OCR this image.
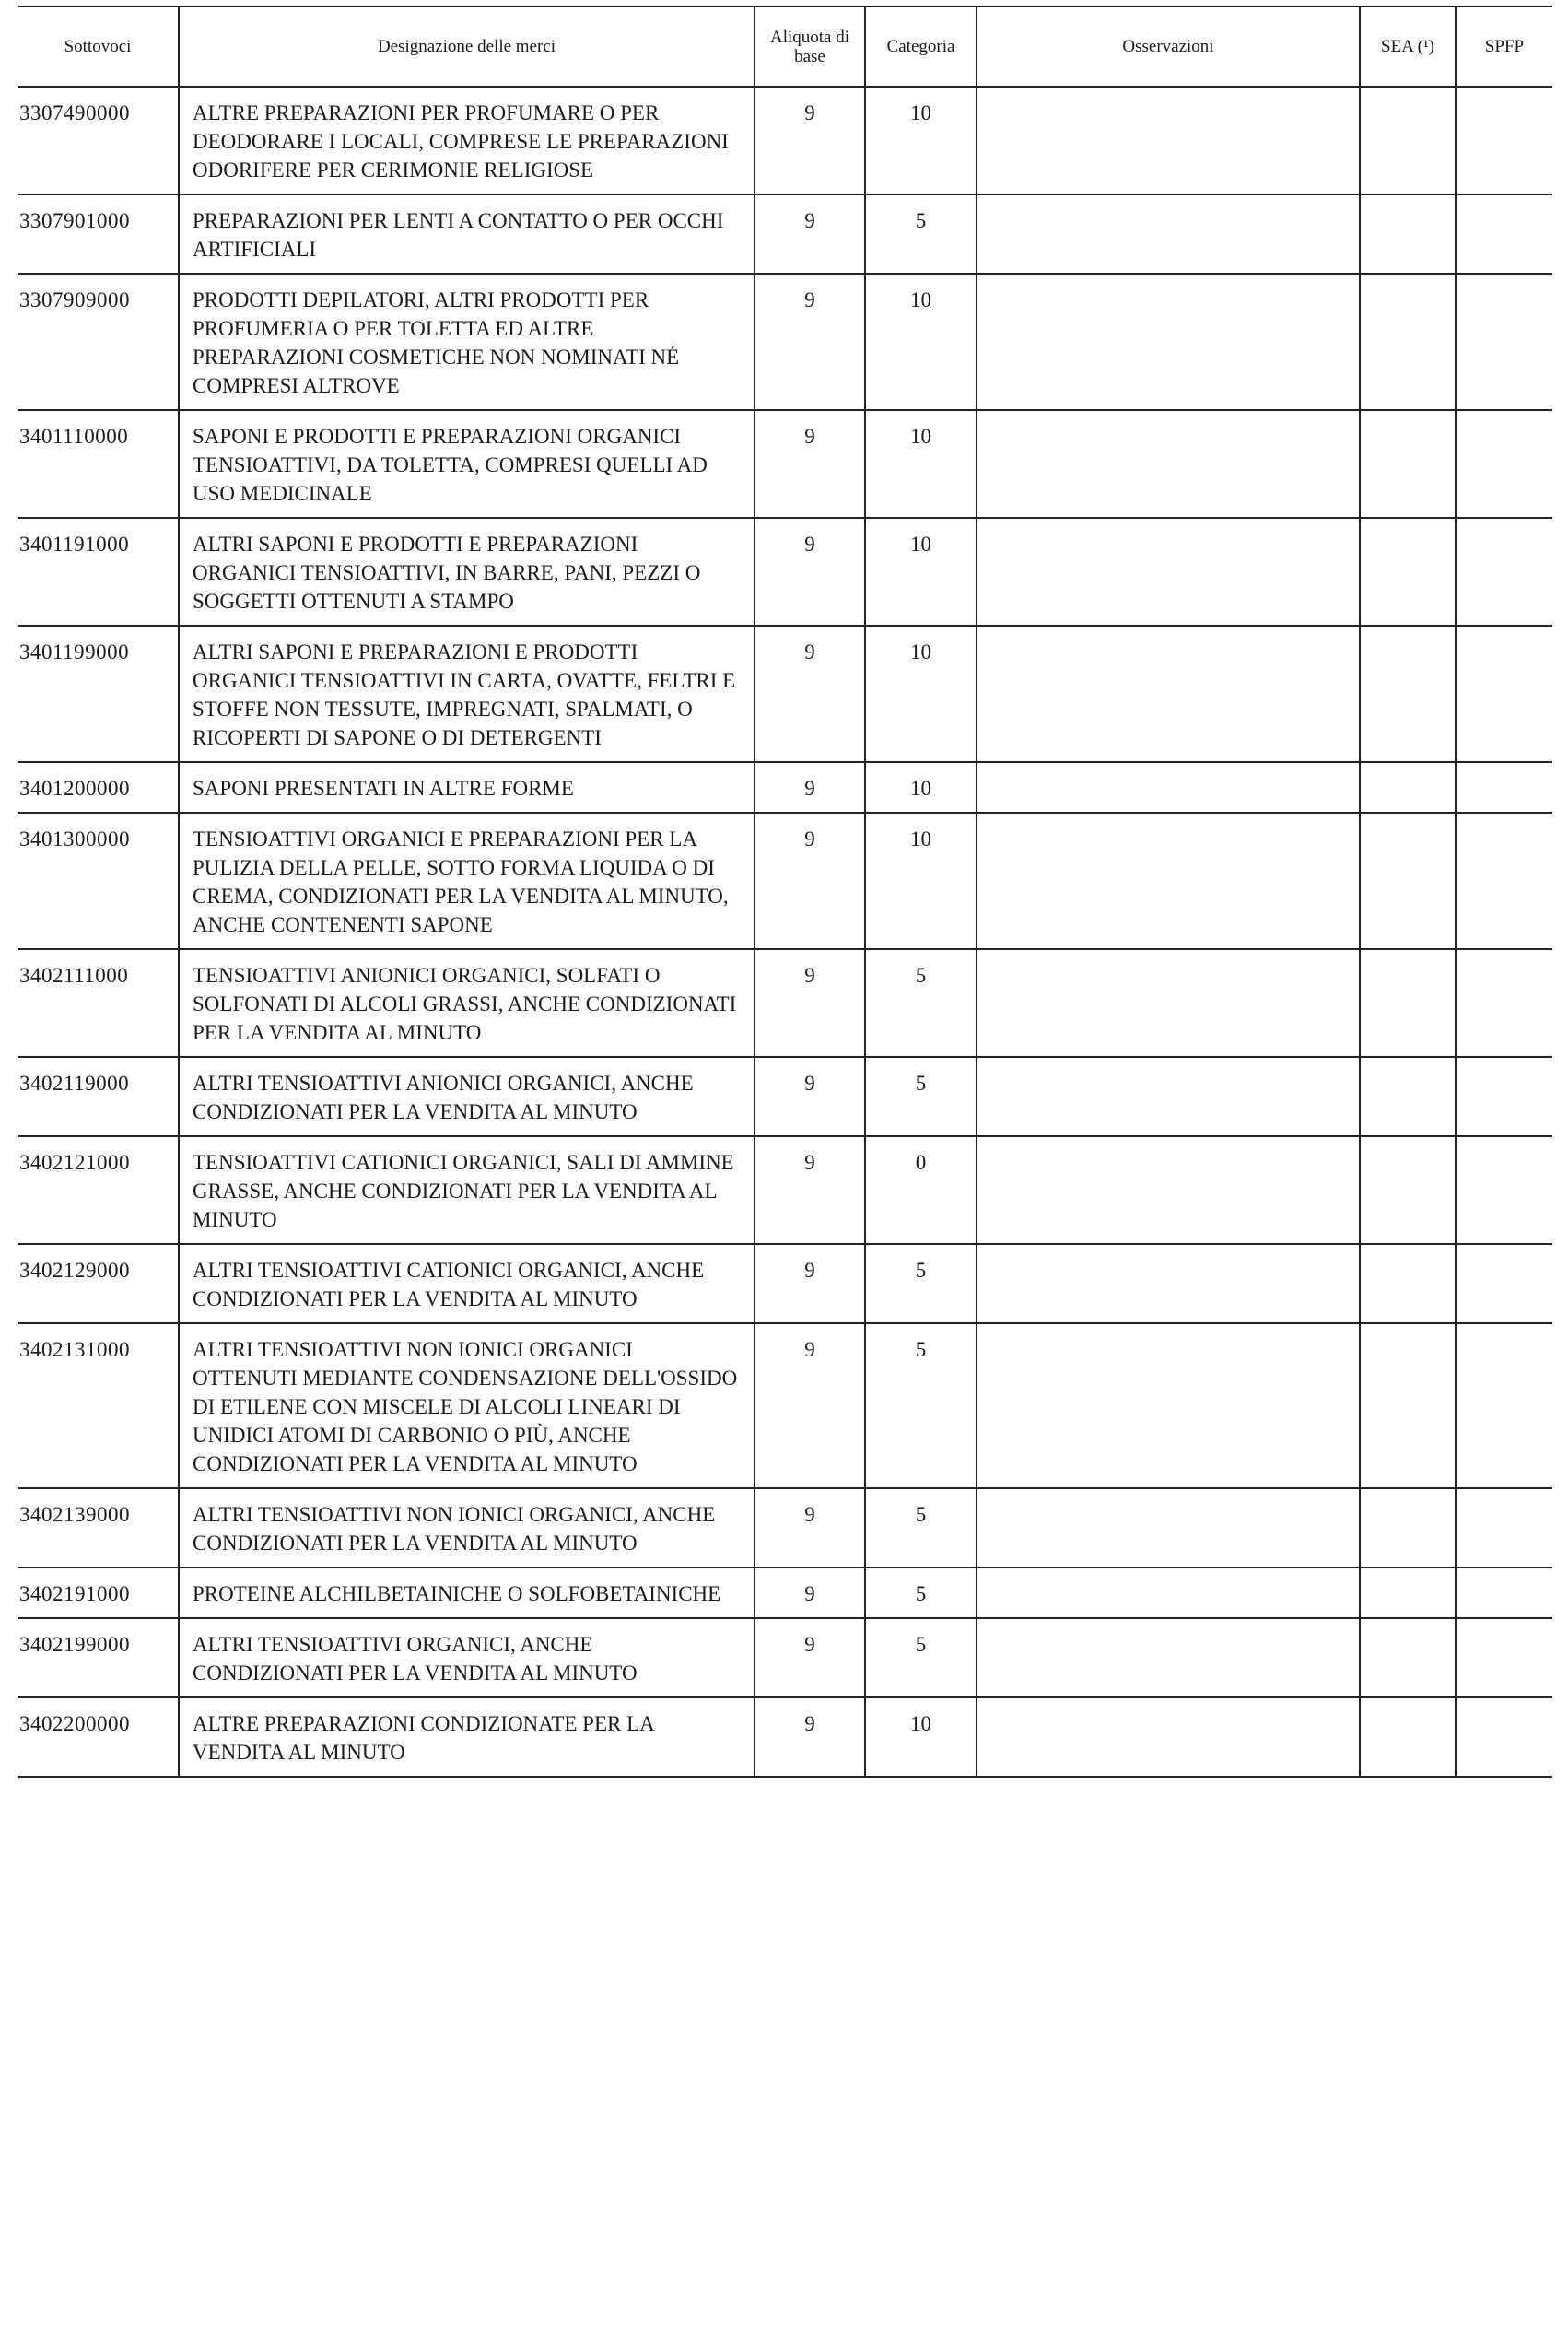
Sottovoci	Designazione delle merci	Aliquota di base	Categoria	Osservazioni	SEA (¹)	SPFP
3307490000	ALTRE PREPARAZIONI PER PROFUMARE O PER DEODORARE I LOCALI, COMPRESE LE PREPARAZIONI ODORIFERE PER CERIMONIE RELIGIOSE	9	10			
3307901000	PREPARAZIONI PER LENTI A CONTATTO O PER OCCHI ARTIFICIALI	9	5			
3307909000	PRODOTTI DEPILATORI, ALTRI PRODOTTI PER PROFUMERIA O PER TOLETTA ED ALTRE PREPARAZIONI COSMETICHE NON NOMINATI NÉ COMPRESI ALTROVE	9	10			
3401110000	SAPONI E PRODOTTI E PREPARAZIONI ORGANICI TENSIOATTIVI, DA TOLETTA, COMPRESI QUELLI AD USO MEDICINALE	9	10			
3401191000	ALTRI SAPONI E PRODOTTI E PREPARAZIONI ORGANICI TENSIOATTIVI, IN BARRE, PANI, PEZZI O SOGGETTI OTTENUTI A STAMPO	9	10			
3401199000	ALTRI SAPONI E PREPARAZIONI E PRODOTTI ORGANICI TENSIOATTIVI IN CARTA, OVATTE, FELTRI E STOFFE NON TESSUTE, IMPREGNATI, SPALMATI, O RICOPERTI DI SAPONE O DI DETERGENTI	9	10			
3401200000	SAPONI PRESENTATI IN ALTRE FORME	9	10			
3401300000	TENSIOATTIVI ORGANICI E PREPARAZIONI PER LA PULIZIA DELLA PELLE, SOTTO FORMA LIQUIDA O DI CREMA, CONDIZIONATI PER LA VENDITA AL MINUTO, ANCHE CONTENENTI SAPONE	9	10			
3402111000	TENSIOATTIVI ANIONICI ORGANICI, SOLFATI O SOLFONATI DI ALCOLI GRASSI, ANCHE CONDIZIONATI PER LA VENDITA AL MINUTO	9	5			
3402119000	ALTRI TENSIOATTIVI ANIONICI ORGANICI, ANCHE CONDIZIONATI PER LA VENDITA AL MINUTO	9	5			
3402121000	TENSIOATTIVI CATIONICI ORGANICI, SALI DI AMMINE GRASSE, ANCHE CONDIZIONATI PER LA VENDITA AL MINUTO	9	0			
3402129000	ALTRI TENSIOATTIVI CATIONICI ORGANICI, ANCHE CONDIZIONATI PER LA VENDITA AL MINUTO	9	5			
3402131000	ALTRI TENSIOATTIVI NON IONICI ORGANICI OTTENUTI MEDIANTE CONDENSAZIONE DELL'OSSIDO DI ETILENE CON MISCELE DI ALCOLI LINEARI DI UNIDICI ATOMI DI CARBONIO O PIÙ, ANCHE CONDIZIONATI PER LA VENDITA AL MINUTO	9	5			
3402139000	ALTRI TENSIOATTIVI NON IONICI ORGANICI, ANCHE CONDIZIONATI PER LA VENDITA AL MINUTO	9	5			
3402191000	PROTEINE ALCHILBETAINICHE O SOLFOBETAINICHE	9	5			
3402199000	ALTRI TENSIOATTIVI ORGANICI, ANCHE CONDIZIONATI PER LA VENDITA AL MINUTO	9	5			
3402200000	ALTRE PREPARAZIONI CONDIZIONATE PER LA VENDITA AL MINUTO	9	10			
